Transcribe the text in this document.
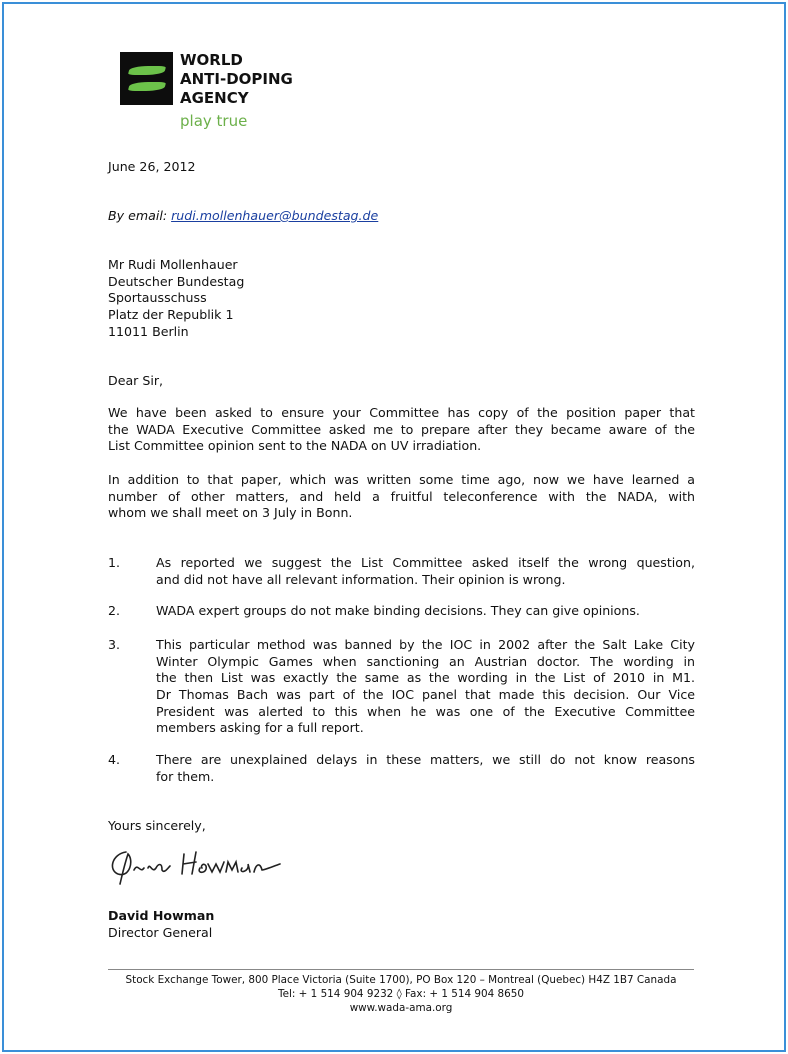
WORLD
ANTI-DOPING
AGENCY
play true
June 26, 2012
By email: rudi.mollenhauer@bundestag.de
Mr Rudi Mollenhauer
Deutscher Bundestag
Sportausschuss
Platz der Republik 1
11011 Berlin
Dear Sir,
We have been asked to ensure your Committee has copy of the position paper that
the WADA Executive Committee asked me to prepare after they became aware of the
List Committee opinion sent to the NADA on UV irradiation.
In addition to that paper, which was written some time ago, now we have learned a
number of other matters, and held a fruitful teleconference with the NADA, with
whom we shall meet on 3 July in Bonn.
1.	As reported we suggest the List Committee asked itself the wrong question,
and did not have all relevant information. Their opinion is wrong.
2.	WADA expert groups do not make binding decisions. They can give opinions.
3.	This particular method was banned by the IOC in 2002 after the Salt Lake City
Winter Olympic Games when sanctioning an Austrian doctor. The wording in
the then List was exactly the same as the wording in the List of 2010 in M1.
Dr Thomas Bach was part of the IOC panel that made this decision. Our Vice
President was alerted to this when he was one of the Executive Committee
members asking for a full report.
4.	There are unexplained delays in these matters, we still do not know reasons
for them.
Yours sincerely,
David Howman
Director General
Stock Exchange Tower, 800 Place Victoria (Suite 1700), PO Box 120 – Montreal (Quebec) H4Z 1B7 Canada
Tel: + 1 514 904 9232 ◊ Fax: + 1 514 904 8650
www.wada-ama.org
